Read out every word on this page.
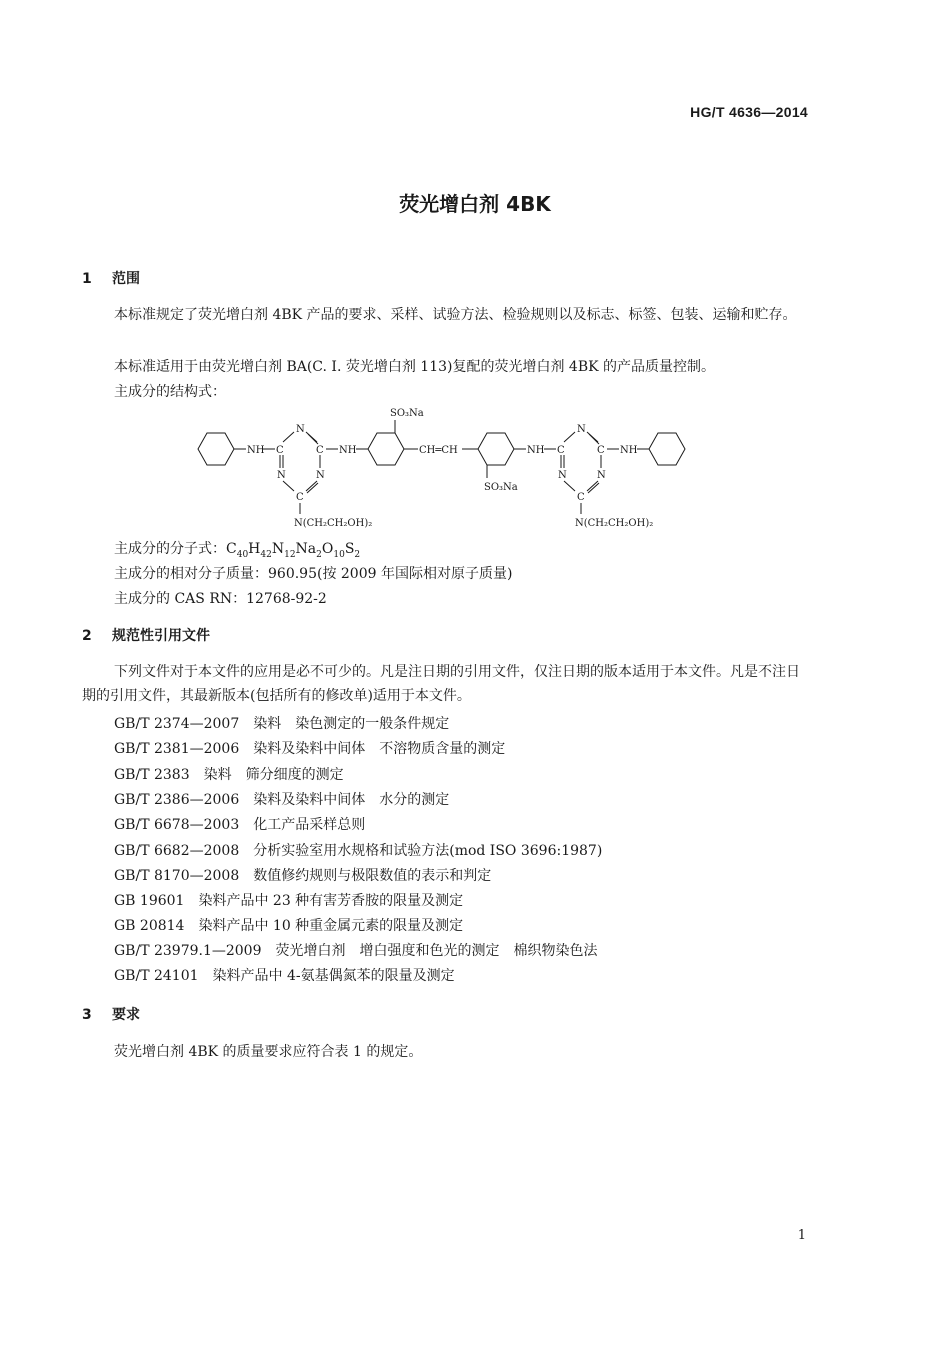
HG/T 4636—2014
荧光增白剂 4BK
1 范围
本标准规定了荧光增白剂 4BK 产品的要求、采样、试验方法、检验规则以及标志、标签、包装、运输和贮存。
本标准适用于由荧光增白剂 BA(C. I. 荧光增白剂 113)复配的荧光增白剂 4BK 的产品质量控制。
主成分的结构式：
NH C
N
C
N	N
C
N(CH₂CH₂OH)₂
NH
SO₃Na
CH═CH
SO₃Na
NH C
N
C
N	N
C
N(CH₂CH₂OH)₂
NH
主成分的分子式：$C_{40}H_{42}N_{12}Na_2O_{10}S_2$
主成分的相对分子质量：960.95(按 2009 年国际相对原子质量)
主成分的 CAS RN：12768-92-2
2 规范性引用文件
下列文件对于本文件的应用是必不可少的。凡是注日期的引用文件，仅注日期的版本适用于本文件。凡是不注日期的引用文件，其最新版本(包括所有的修改单)适用于本文件。
GB/T 2374—2007 染料　染色测定的一般条件规定
GB/T 2381—2006 染料及染料中间体　不溶物质含量的测定
GB/T 2383 染料　筛分细度的测定
GB/T 2386—2006 染料及染料中间体　水分的测定
GB/T 6678—2003 化工产品采样总则
GB/T 6682—2008 分析实验室用水规格和试验方法(mod ISO 3696:1987)
GB/T 8170—2008 数值修约规则与极限数值的表示和判定
GB 19601 染料产品中 23 种有害芳香胺的限量及测定
GB 20814 染料产品中 10 种重金属元素的限量及测定
GB/T 23979.1—2009 荧光增白剂　增白强度和色光的测定　棉织物染色法
GB/T 24101 染料产品中 4-氨基偶氮苯的限量及测定
3 要求
荧光增白剂 4BK 的质量要求应符合表 1 的规定。
1
